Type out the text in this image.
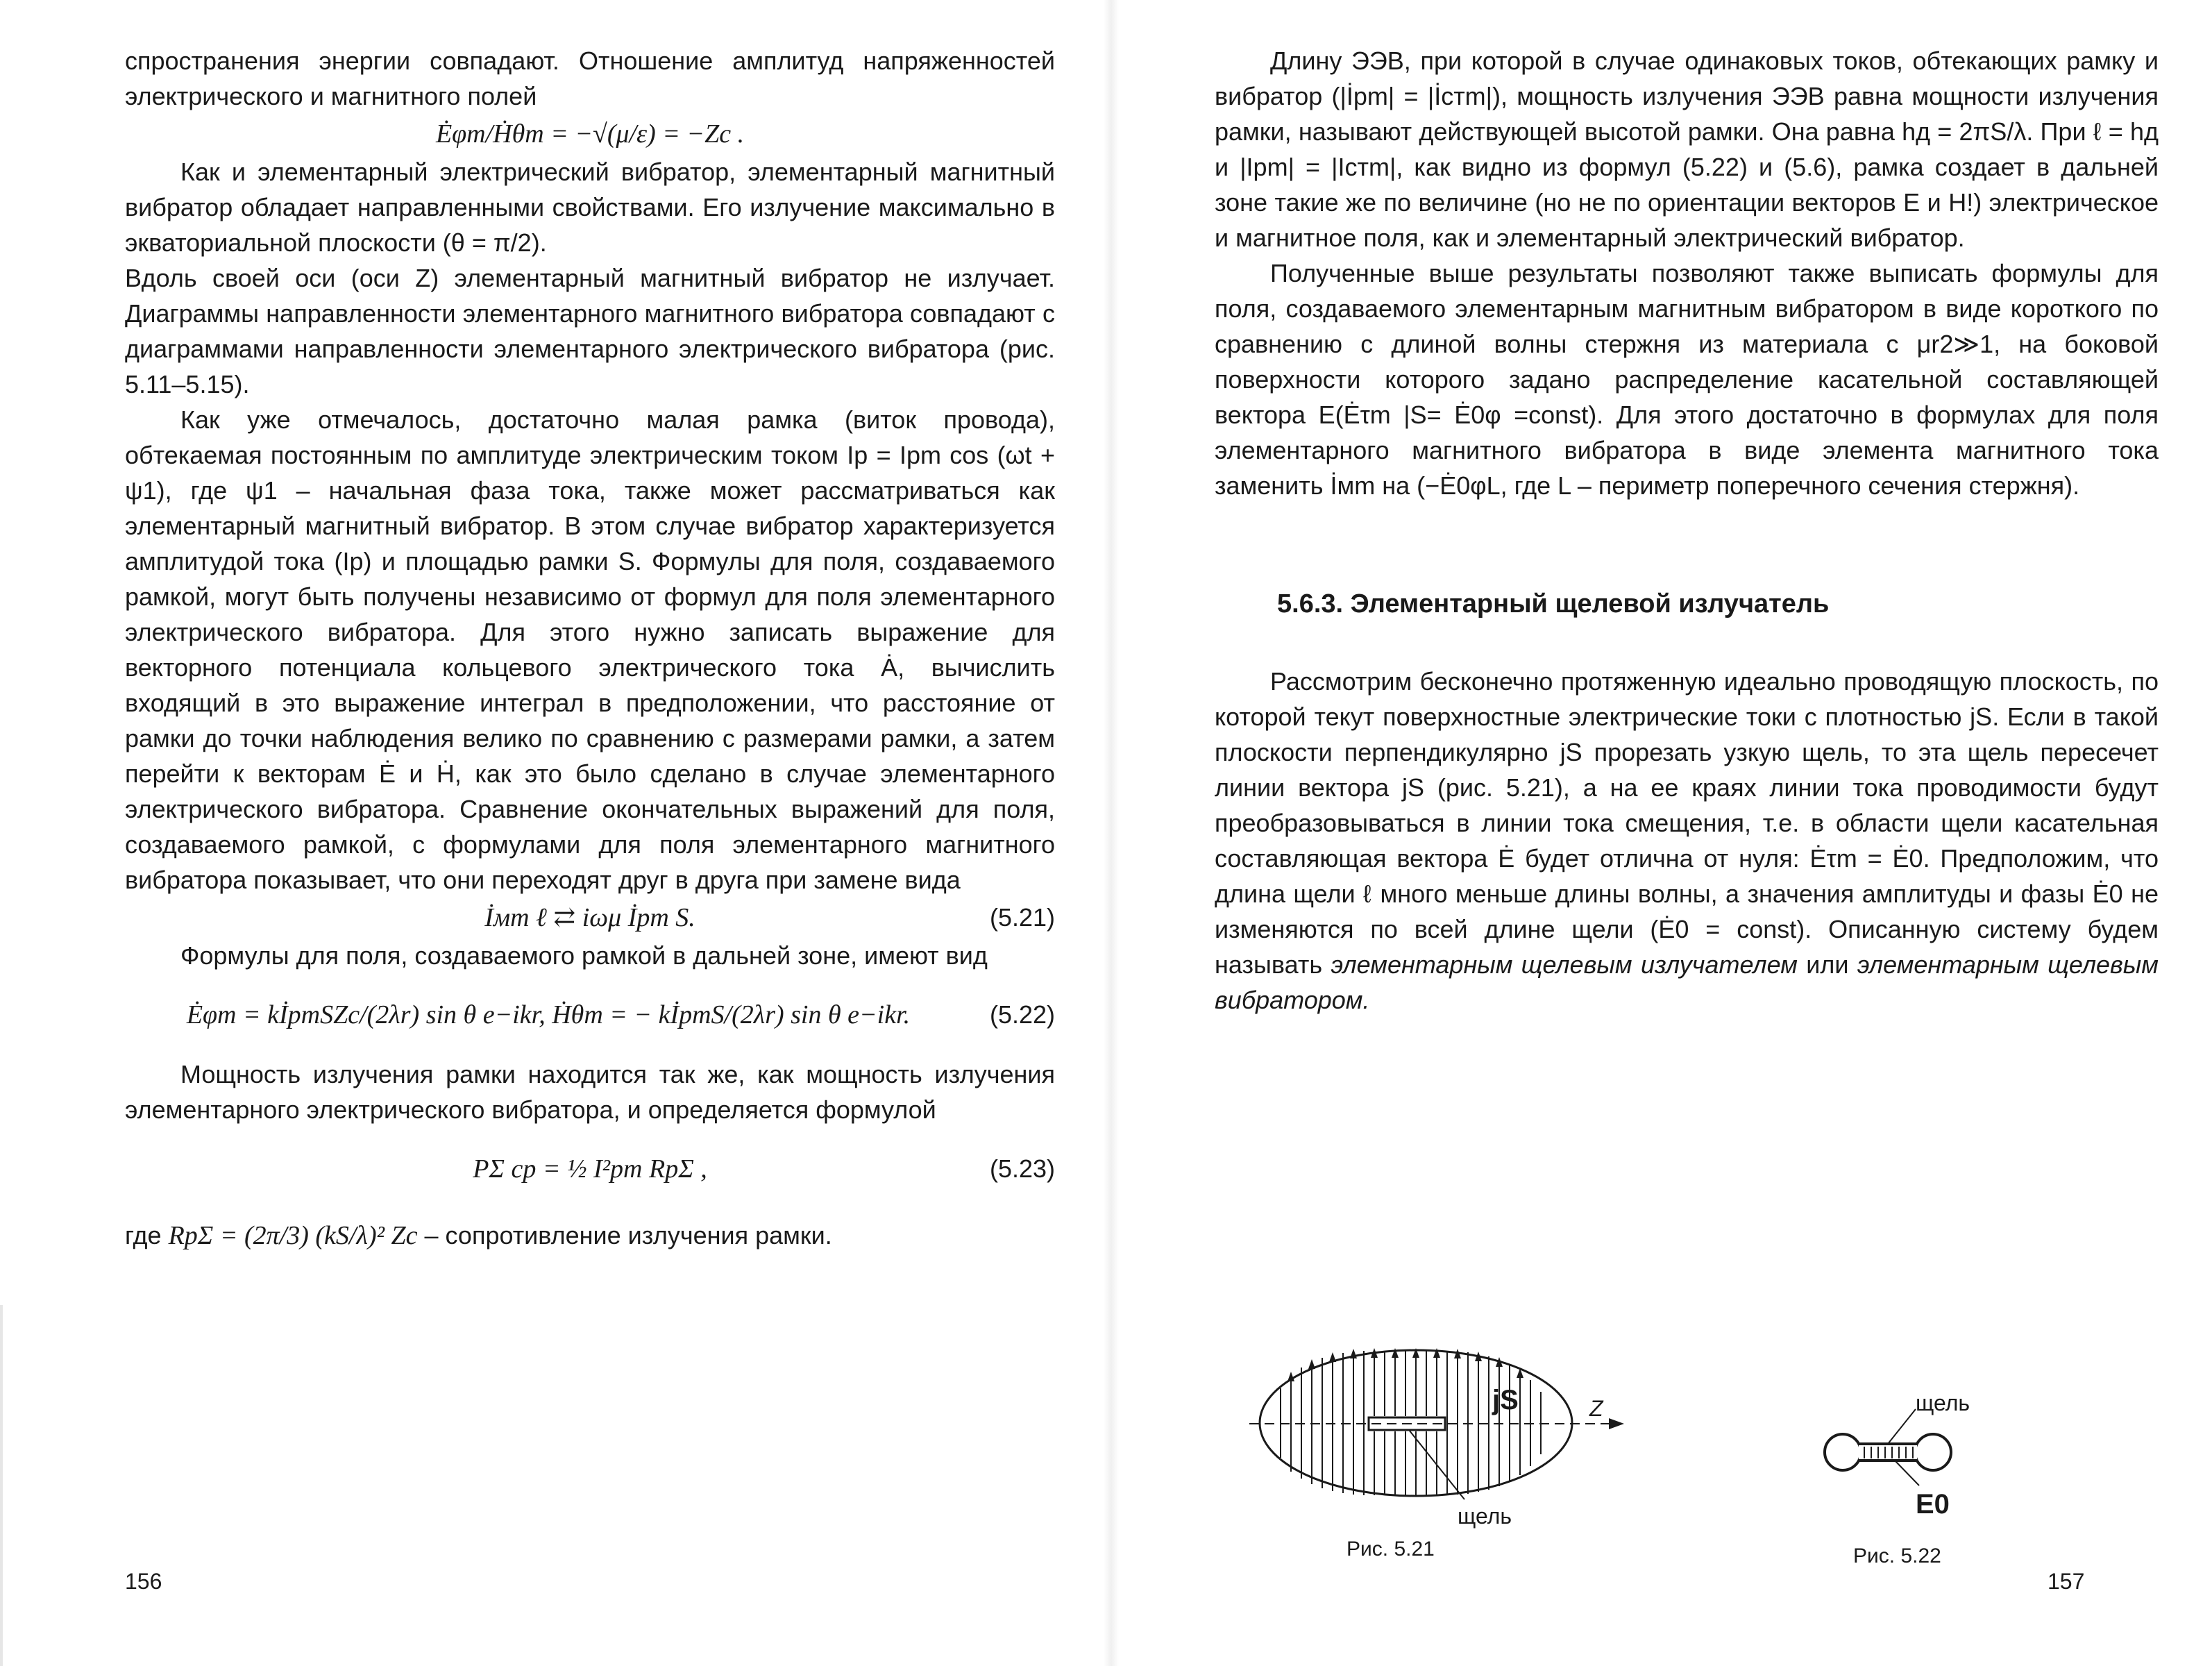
спространения энергии совпадают. Отношение амплитуд напряженностей электрического и магнитного полей

Ėφm/Ḣθm = −√(μ/ε) = −Zc .

Как и элементарный электрический вибратор, элементарный магнитный вибратор обладает направленными свойствами. Его излучение максимально в экваториальной плоскости (θ = π/2).

Вдоль своей оси (оси Z) элементарный магнитный вибратор не излучает. Диаграммы направленности элементарного магнитного вибратора совпадают с диаграммами направленности элементарного электрического вибратора (рис. 5.11–5.15).

Как уже отмечалось, достаточно малая рамка (виток провода), обтекаемая постоянным по амплитуде электрическим током Iр = Ipm cos (ωt + ψ1), где ψ1 – начальная фаза тока, также может рассматриваться как элементарный магнитный вибратор. В этом случае вибратор характеризуется амплитудой тока (Iр) и площадью рамки S. Формулы для поля, создаваемого рамкой, могут быть получены независимо от формул для поля элементарного электрического вибратора. Для этого нужно записать выражение для векторного потенциала кольцевого электрического тока Ȧ, вычислить входящий в это выражение интеграл в предположении, что расстояние от рамки до точки наблюдения велико по сравнению с размерами рамки, а затем перейти к векторам Ė и Ḣ, как это было сделано в случае элементарного электрического вибратора. Сравнение окончательных выражений для поля, создаваемого рамкой, с формулами для поля элементарного магнитного вибратора показывает, что они переходят друг в друга при замене вида

İмm ℓ ⇄ iωμ İpm S.	(5.21)

Формулы для поля, создаваемого рамкой в дальней зоне, имеют вид

Ėφm = kİpmSZc/(2λr) sin θ e−ikr, Ḣθm = − kİpmS/(2λr) sin θ e−ikr.	(5.22)

Мощность излучения рамки находится так же, как мощность излучения элементарного электрического вибратора, и определяется формулой

PΣ ср = ½ I²pm RpΣ ,	(5.23)

где RpΣ = (2π/3) (kS/λ)² Zc – сопротивление излучения рамки.

156

Длину ЭЭВ, при которой в случае одинаковых токов, обтекающих рамку и вибратор (|İpm| = |İстm|), мощность излучения ЭЭВ равна мощности излучения рамки, называют действующей высотой рамки. Она равна hд = 2πS/λ. При ℓ = hд и |Ipm| = |Iстm|, как видно из формул (5.22) и (5.6), рамка создает в дальней зоне такие же по величине (но не по ориентации векторов E и H!) электрическое и магнитное поля, как и элементарный электрический вибратор.

Полученные выше результаты позволяют также выписать формулы для поля, создаваемого элементарным магнитным вибратором в виде короткого по сравнению с длиной волны стержня из материала с μr2≫1, на боковой поверхности которого задано распределение касательной составляющей вектора E(Ėτm |S= Ė0φ =const). Для этого достаточно в формулах для поля элементарного магнитного вибратора в виде элемента магнитного тока заменить İмm на (−Ė0φL, где L – периметр поперечного сечения стержня).

5.6.3. Элементарный щелевой излучатель

Рассмотрим бесконечно протяженную идеально проводящую плоскость, по которой текут поверхностные электрические токи с плотностью jS. Если в такой плоскости перпендикулярно jS прорезать узкую щель, то эта щель пересечет линии вектора jS (рис. 5.21), а на ее краях линии тока проводимости будут преобразовываться в линии тока смещения, т.е. в области щели касательная составляющая вектора Ė будет отлична от нуля: Ėτm = Ė0. Предположим, что длина щели ℓ много меньше длины волны, а значения амплитуды и фазы Ė0 не изменяются по всей длине щели (Ė0 = const). Описанную систему будем называть элементарным щелевым излучателем или элементарным щелевым вибратором.

Z
jS
щель
Рис. 5.21
щель
E0
Рис. 5.22
157
